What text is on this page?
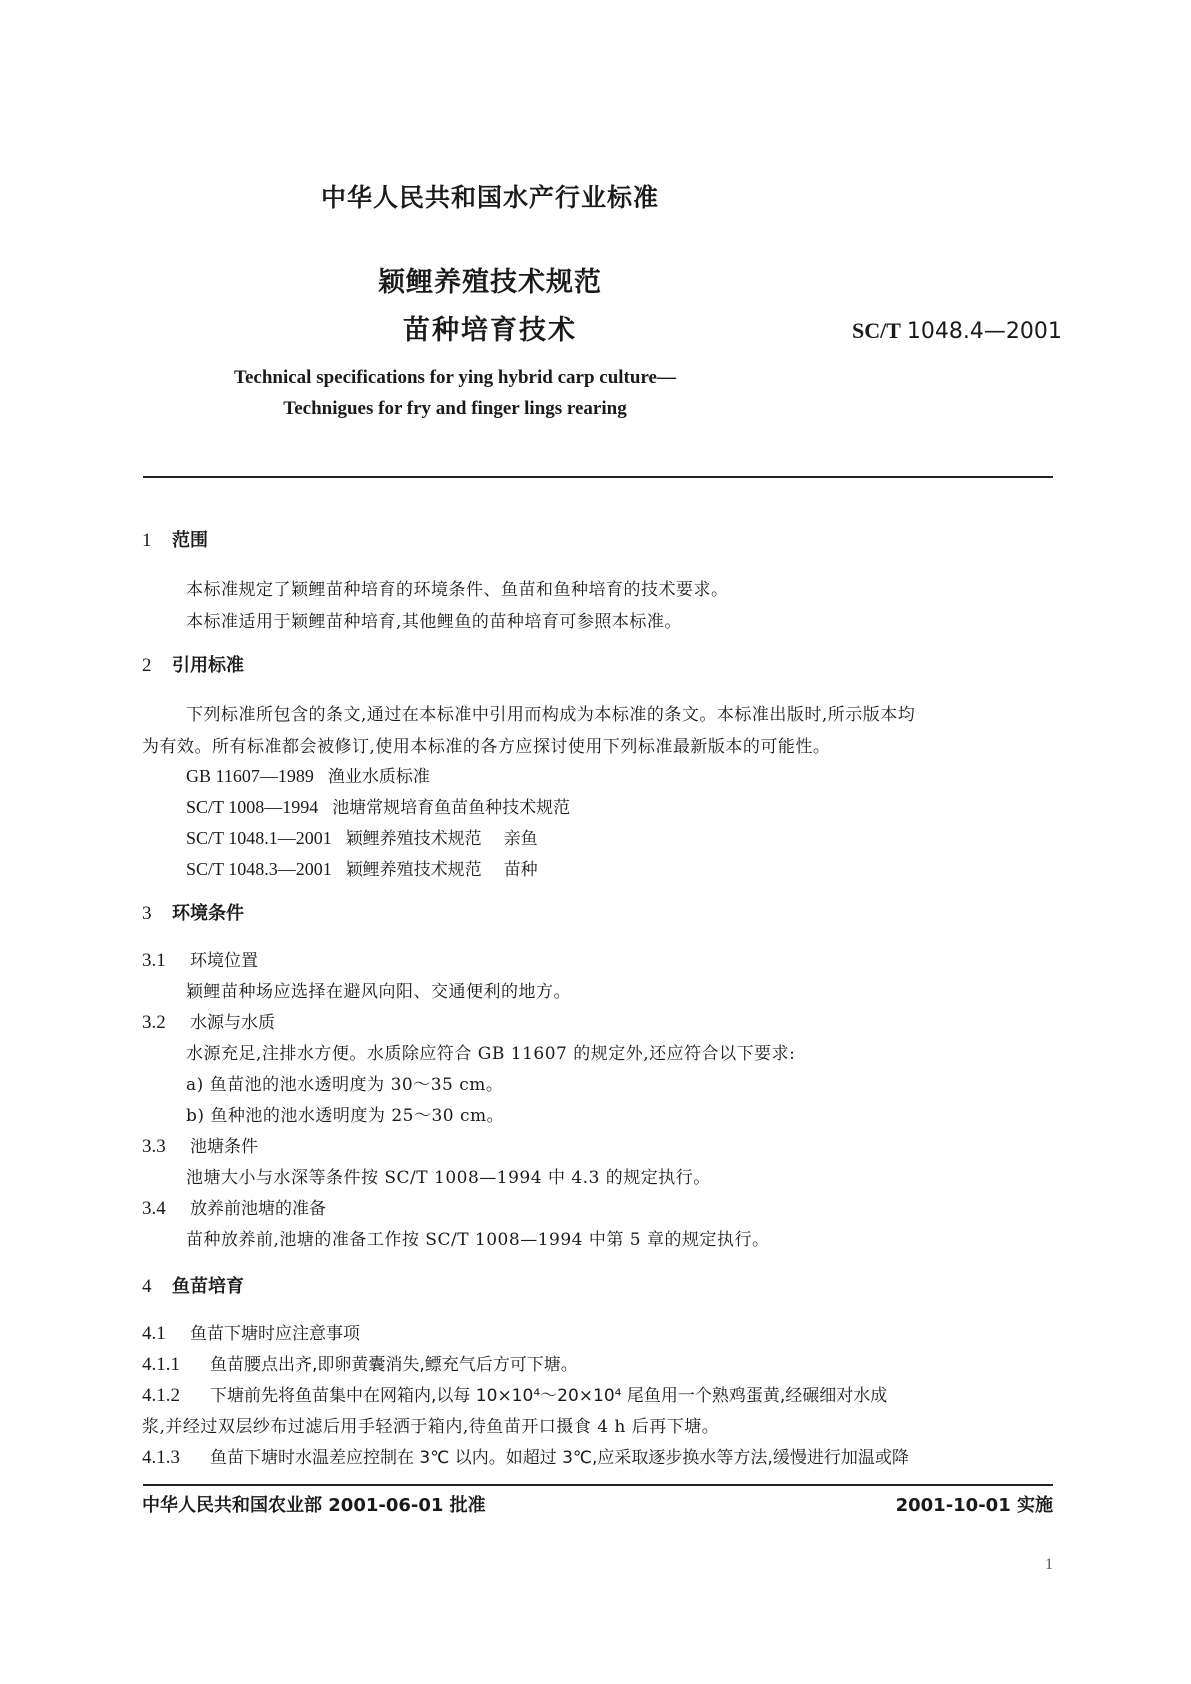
中华人民共和国水产行业标准
颖鲤养殖技术规范
苗种培育技术	SC/T 1048.4—2001
Technical specifications for ying hybrid carp culture—
Technigues for fry and finger lings rearing
1 范围
本标准规定了颖鲤苗种培育的环境条件、鱼苗和鱼种培育的技术要求。
本标准适用于颖鲤苗种培育,其他鲤鱼的苗种培育可参照本标准。
2 引用标准
下列标准所包含的条文,通过在本标准中引用而构成为本标准的条文。本标准出版时,所示版本均
为有效。所有标准都会被修订,使用本标准的各方应探讨使用下列标准最新版本的可能性。
GB 11607—1989 渔业水质标准
SC/T 1008—1994 池塘常规培育鱼苗鱼种技术规范
SC/T 1048.1—2001 颖鲤养殖技术规范 亲鱼
SC/T 1048.3—2001 颖鲤养殖技术规范 苗种
3 环境条件
3.1 环境位置
颖鲤苗种场应选择在避风向阳、交通便利的地方。
3.2 水源与水质
水源充足,注排水方便。水质除应符合 GB 11607 的规定外,还应符合以下要求:
a) 鱼苗池的池水透明度为 30～35 cm。
b) 鱼种池的池水透明度为 25～30 cm。
3.3 池塘条件
池塘大小与水深等条件按 SC/T 1008—1994 中 4.3 的规定执行。
3.4 放养前池塘的准备
苗种放养前,池塘的准备工作按 SC/T 1008—1994 中第 5 章的规定执行。
4 鱼苗培育
4.1 鱼苗下塘时应注意事项
4.1.1 鱼苗腰点出齐,即卵黄囊消失,鳔充气后方可下塘。
4.1.2 下塘前先将鱼苗集中在网箱内,以每 10×10⁴～20×10⁴ 尾鱼用一个熟鸡蛋黄,经碾细对水成
浆,并经过双层纱布过滤后用手轻洒于箱内,待鱼苗开口摄食 4 h 后再下塘。
4.1.3 鱼苗下塘时水温差应控制在 3℃ 以内。如超过 3℃,应采取逐步换水等方法,缓慢进行加温或降
中华人民共和国农业部 2001-06-01 批准	2001-10-01 实施
1
